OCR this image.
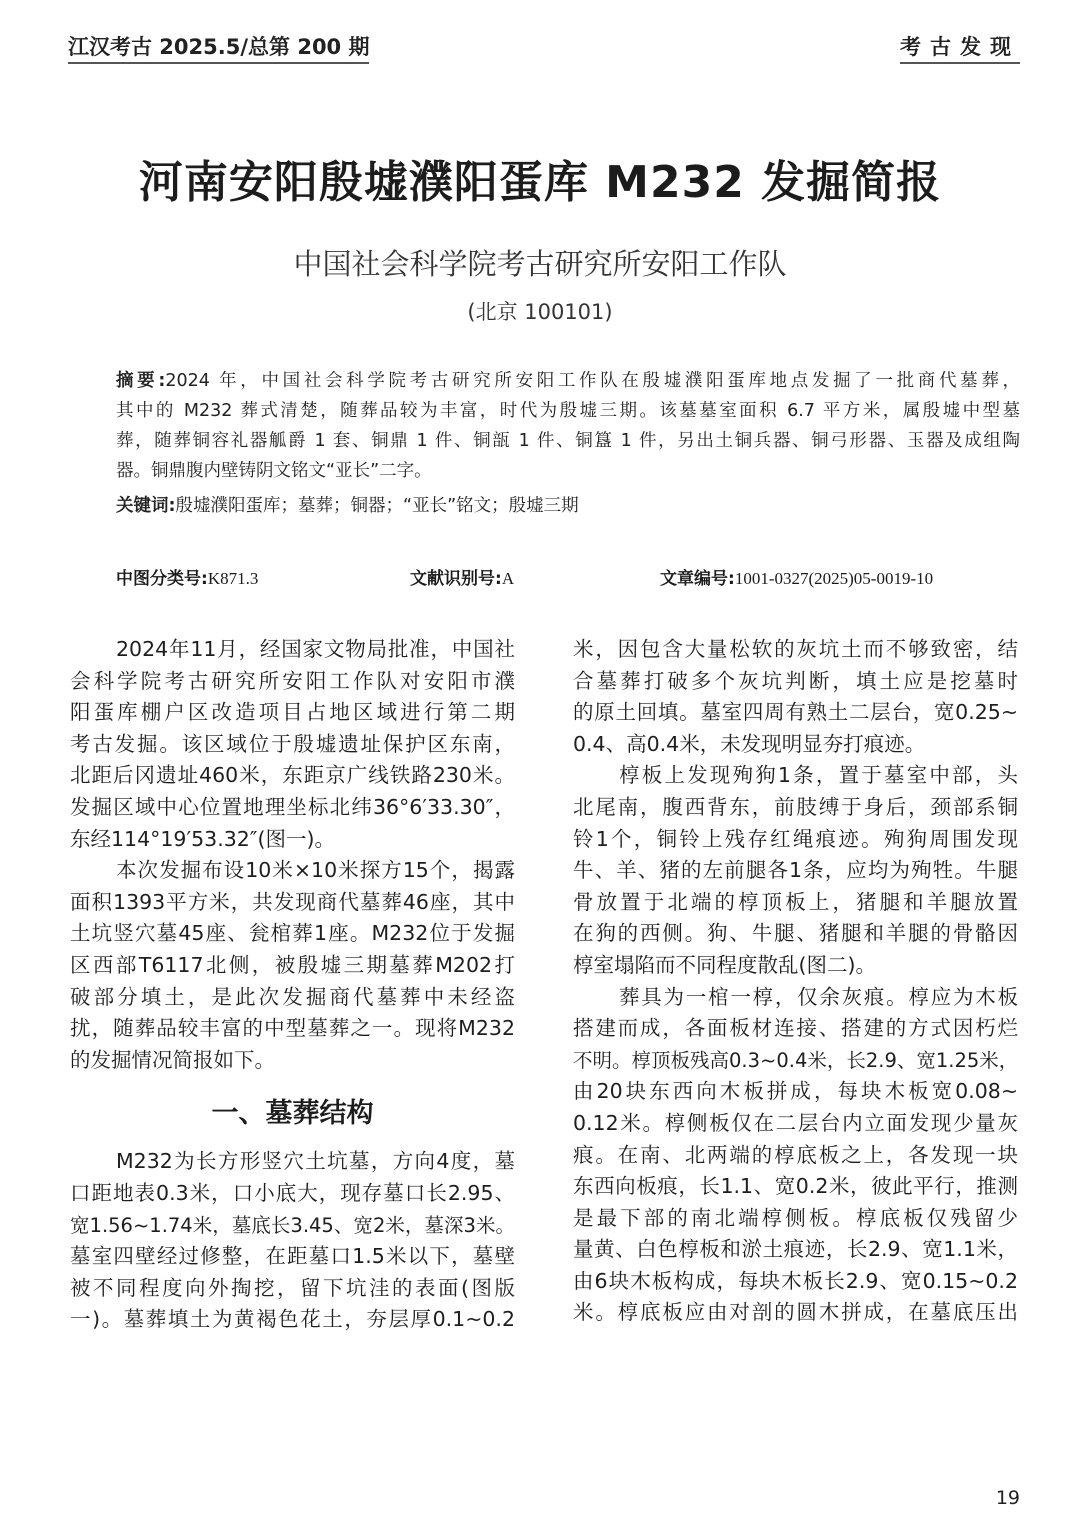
江汉考古 2025.5/总第 200 期	考古发现
河南安阳殷墟濮阳蛋库 M232 发掘简报
中国社会科学院考古研究所安阳工作队
(北京 100101)
摘要:2024 年，中国社会科学院考古研究所安阳工作队在殷墟濮阳蛋库地点发掘了一批商代墓葬，
其中的 M232 葬式清楚，随葬品较为丰富，时代为殷墟三期。该墓墓室面积 6.7 平方米，属殷墟中型墓
葬，随葬铜容礼器觚爵 1 套、铜鼎 1 件、铜瓿 1 件、铜簋 1 件，另出土铜兵器、铜弓形器、玉器及成组陶
器。铜鼎腹内壁铸阴文铭文“亚长”二字。
关键词:殷墟濮阳蛋库；墓葬；铜器；“亚长”铭文；殷墟三期
中图分类号:K871.3	文献识别号:A	文章编号:1001-0327(2025)05-0019-10
2024年11月，经国家文物局批准，中国社
会科学院考古研究所安阳工作队对安阳市濮
阳蛋库棚户区改造项目占地区域进行第二期
考古发掘。该区域位于殷墟遗址保护区东南，
北距后冈遗址460米，东距京广线铁路230米。
发掘区域中心位置地理坐标北纬36°6′33.30″，
东经114°19′53.32″(图一)。
本次发掘布设10米×10米探方15个，揭露
面积1393平方米，共发现商代墓葬46座，其中
土坑竖穴墓45座、瓮棺葬1座。M232位于发掘
区西部T6117北侧，被殷墟三期墓葬M202打
破部分填土，是此次发掘商代墓葬中未经盗
扰，随葬品较丰富的中型墓葬之一。现将M232
的发掘情况简报如下。
一、墓葬结构
M232为长方形竖穴土坑墓，方向4度，墓
口距地表0.3米，口小底大，现存墓口长2.95、
宽1.56~1.74米，墓底长3.45、宽2米，墓深3米。
墓室四壁经过修整，在距墓口1.5米以下，墓壁
被不同程度向外掏挖，留下坑洼的表面(图版
一)。墓葬填土为黄褐色花土，夯层厚0.1~0.2
米，因包含大量松软的灰坑土而不够致密，结
合墓葬打破多个灰坑判断，填土应是挖墓时
的原土回填。墓室四周有熟土二层台，宽0.25~
0.4、高0.4米，未发现明显夯打痕迹。
椁板上发现殉狗1条，置于墓室中部，头
北尾南，腹西背东，前肢缚于身后，颈部系铜
铃1个，铜铃上残存红绳痕迹。殉狗周围发现
牛、羊、猪的左前腿各1条，应均为殉牲。牛腿
骨放置于北端的椁顶板上，猪腿和羊腿放置
在狗的西侧。狗、牛腿、猪腿和羊腿的骨骼因
椁室塌陷而不同程度散乱(图二)。
葬具为一棺一椁，仅余灰痕。椁应为木板
搭建而成，各面板材连接、搭建的方式因朽烂
不明。椁顶板残高0.3~0.4米，长2.9、宽1.25米，
由20块东西向木板拼成，每块木板宽0.08~
0.12米。椁侧板仅在二层台内立面发现少量灰
痕。在南、北两端的椁底板之上，各发现一块
东西向板痕，长1.1、宽0.2米，彼此平行，推测
是最下部的南北端椁侧板。椁底板仅残留少
量黄、白色椁板和淤土痕迹，长2.9、宽1.1米，
由6块木板构成，每块木板长2.9、宽0.15~0.2
米。椁底板应由对剖的圆木拼成，在墓底压出
19
